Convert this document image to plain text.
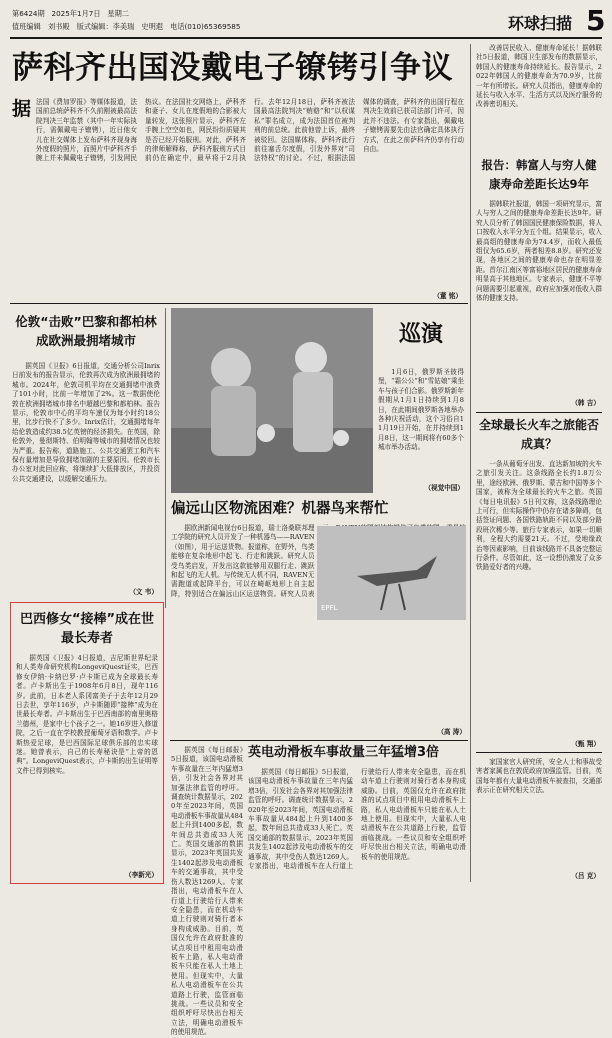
第6424期 2025年1月7日 星期二
值班编辑　刘书殿　版式编辑：李美瑞　史明遐　电话(010)65369585	环球扫描 5
萨科齐出国没戴电子镣铐引争议
据 法国《费加罗报》等媒体报道，法国前总统萨科齐不久前刚被最高法院判决三年监禁（其中一年实际执行，需佩戴电子镣铐），近日他女儿在社交媒体上发布萨科齐现身海外度假的照片，而照片中萨科齐手腕上并未佩戴电子镣铐，引发网民热议。在法国社交网络上，萨科齐和妻子、女儿在度假地的合影被大量转发，这张照片显示，萨科齐左手腕上空空如也，网民纷纷质疑其是否已经开始服刑。对此，萨科齐的律师解释称，萨科齐服刑方式目前仍在确定中，最早将于2月执行。去年12月18日，萨科齐被法国最高法院判决“贿赂”和“以权谋私”罪名成立，成为法国首位被判刑的前总统。此前他曾上诉，最终被驳回。法国媒体称，萨科齐此行前往塞舌尔度假，引发外界对“司法特权”的讨论。不过，根据法国媒体的调查，萨科齐的出国行程在判决生效前已获司法部门许可，因此并不违法。有专家指出，佩戴电子镣铐需要先由法官确定具体执行方式，在此之前萨科齐仍享有行动自由。
（董 铭）
伦敦“击败”巴黎和都柏林成欧洲最拥堵城市
据英国《卫报》6日报道，交通分析公司Inrix日前发布的报告显示，伦敦再次成为欧洲最拥堵的城市。2024年，伦敦司机平均在交通拥堵中浪费了101小时，比前一年增加了2%。这一数据使伦敦在欧洲拥堵城市排名中超越巴黎和都柏林。报告显示，伦敦市中心的平均车速仅为每小时约18公里，比步行快不了多少。Inrix估计，交通拥堵每年给伦敦造成约38.5亿英镑的经济损失。在英国，除伦敦外，曼彻斯特、伯明翰等城市的拥堵情况也较为严重。报告称，道路施工、公共交通罢工和汽车保有量增加是导致拥堵加剧的主要原因。伦敦市长办公室对此回应称，将继续扩大低排放区，并投资公共交通建设，以缓解交通压力。
（文 韦）
巡演
1月6日，俄罗斯圣彼得堡，“霜公公”和“雪姑娘”乘坐车与孩子们合影。俄罗斯新年假期从1月1日持续到1月8日，在此期间俄罗斯各地举办各种庆祝活动，这个习俗自11月19日开始，在并持续到1月8日，这一期间将有60多个城市举办活动。
（视觉中国）
偏远山区物流困难？机器鸟来帮忙
据欧洲新闻电视台6日报道，瑞士洛桑联邦理工学院的研究人员开发了一种机器鸟——RAVEN（如图），用于运送货物。报道称，在野外，鸟类能够在复杂地形中起飞、行走和跳跃。研究人员受鸟类启发，开发出这款能够用双腿行走、跳跃和起飞的无人机。与传统无人机不同，RAVEN无需跑道或起降平台，可以在崎岖地形上自主起降，特别适合在偏远山区运送物资。研究人员表
EPFL
（高 涛）
巴西修女“接棒”成在世最长寿者
据英国《卫报》4日报道，吉尼斯世界纪录和人类寿命研究机构LongeviQuest证实，巴西修女伊纳·卡纳巴罗·卢卡斯已成为全球最长寿者。卢卡斯出生于1908年6月8日，现年116岁。此前，日本老人系冈富美子于去年12月29日去世，享年116岁，卢卡斯随即“接棒”成为在世最长寿者。卢卡斯出生于巴西南部的南里奥格兰德州，是家中七个孩子之一。她16岁进入修道院，之后一直在学校教授葡萄牙语和数学。卢卡斯热爱足球，是巴西国际足球俱乐部的忠实球迷。她曾表示，自己的长寿秘诀是“上帝的恩典”。LongeviQuest表示，卢卡斯的出生证明等文件已得到核实。
（李新光）
据英国《每日邮报》5日报道，该国电动滑板车事故量在三年内猛增3倍，引发社会各界对其加强法律监管的呼吁。调查统计数据显示，2020年至2023年间，英国电动滑板车事故量从484起上升到1400多起，数年间总共造成33人死亡。英国交通部的数据显示，2023年英国共发生1402起涉及电动滑板车的交通事故，其中受伤人数达1269人。专家指出，电动滑板车在人行道上行驶给行人带来安全隐患，而在机动车道上行驶则对骑行者本身构成威胁。目前，英国仅允许在政府批准的试点项目中租用电动滑板车上路，私人电动滑板车只能在私人土地上使用。但现实中，大量私人电动滑板车在公共道路上行驶，监管面临挑战。一些议员和安全组织呼吁尽快出台相关立法，明确电动滑板车的使用规范。
英电动滑板车事故量三年猛增3倍
据英国《每日邮报》5日报道，该国电动滑板车事故量在三年内猛增3倍，引发社会各界对其加强法律监管的呼吁。调查统计数据显示，2020年至2023年间，英国电动滑板车事故量从484起上升到1400多起，数年间总共造成33人死亡。英国交通部的数据显示，2023年英国共发生1402起涉及电动滑板车的交通事故，其中受伤人数达1269人。专家指出，电动滑板车在人行道上行驶给行人带来安全隐患，而在机动车道上行驶则对骑行者本身构成威胁。目前，英国仅允许在政府批准的试点项目中租用电动滑板车上路，私人电动滑板车只能在私人土地上使用。但现实中，大量私人电动滑板车在公共道路上行驶，监管面临挑战。一些议员和安全组织呼吁尽快出台相关立法，明确电动滑板车的使用规范。
改善居民收入、健康寿命延长！据韩联社5日报道，韩国卫生部发布的数据显示，韩国人的健康寿命持续延长。报告显示，2022年韩国人的健康寿命为70.9岁，比前一年有所增长。研究人员指出，健康寿命的延长与收入水平、生活方式以及医疗服务的改善密切相关。
报告：韩富人与穷人健康寿命差距长达9年
据韩联社报道，韩国一项研究显示，富人与穷人之间的健康寿命差距长达9年。研究人员分析了韩国国民健康保险数据，将人口按收入水平分为五个组。结果显示，收入最高组的健康寿命为74.4岁，而收入最低组仅为65.6岁，两者相差8.8岁。研究还发现，各地区之间的健康寿命也存在明显差距。首尔江南区等富裕地区居民的健康寿命明显高于其他地区。专家表示，健康不平等问题需要引起重视，政府应加强对低收入群体的健康支持。
（韩 吉）
全球最长火车之旅能否成真？
一条从葡萄牙出发、直达新加坡的火车之旅引发关注。这条线路全长约1.8万公里，途经欧洲、俄罗斯、蒙古和中国等多个国家，被称为全球最长的火车之旅。英国《每日电讯报》5日刊文称，这条线路理论上可行，但实际操作中仍存在诸多障碍，包括签证问题、各国铁路轨距不同以及部分路段班次稀少等。旅行专家表示，如果一切顺利，全程大约需要21天。不过，受地缘政治等因素影响，目前该线路并不具备完整运行条件。尽管如此，这一设想仍激发了众多铁路爱好者的兴趣。
（甄 翔）
家国家官人研究所，安全人士和事故受害者家属也在敦促政府加强监管。目前，英国每年都有大量电动滑板车被查扣，交通部表示正在研究相关立法。
（吕 克）
